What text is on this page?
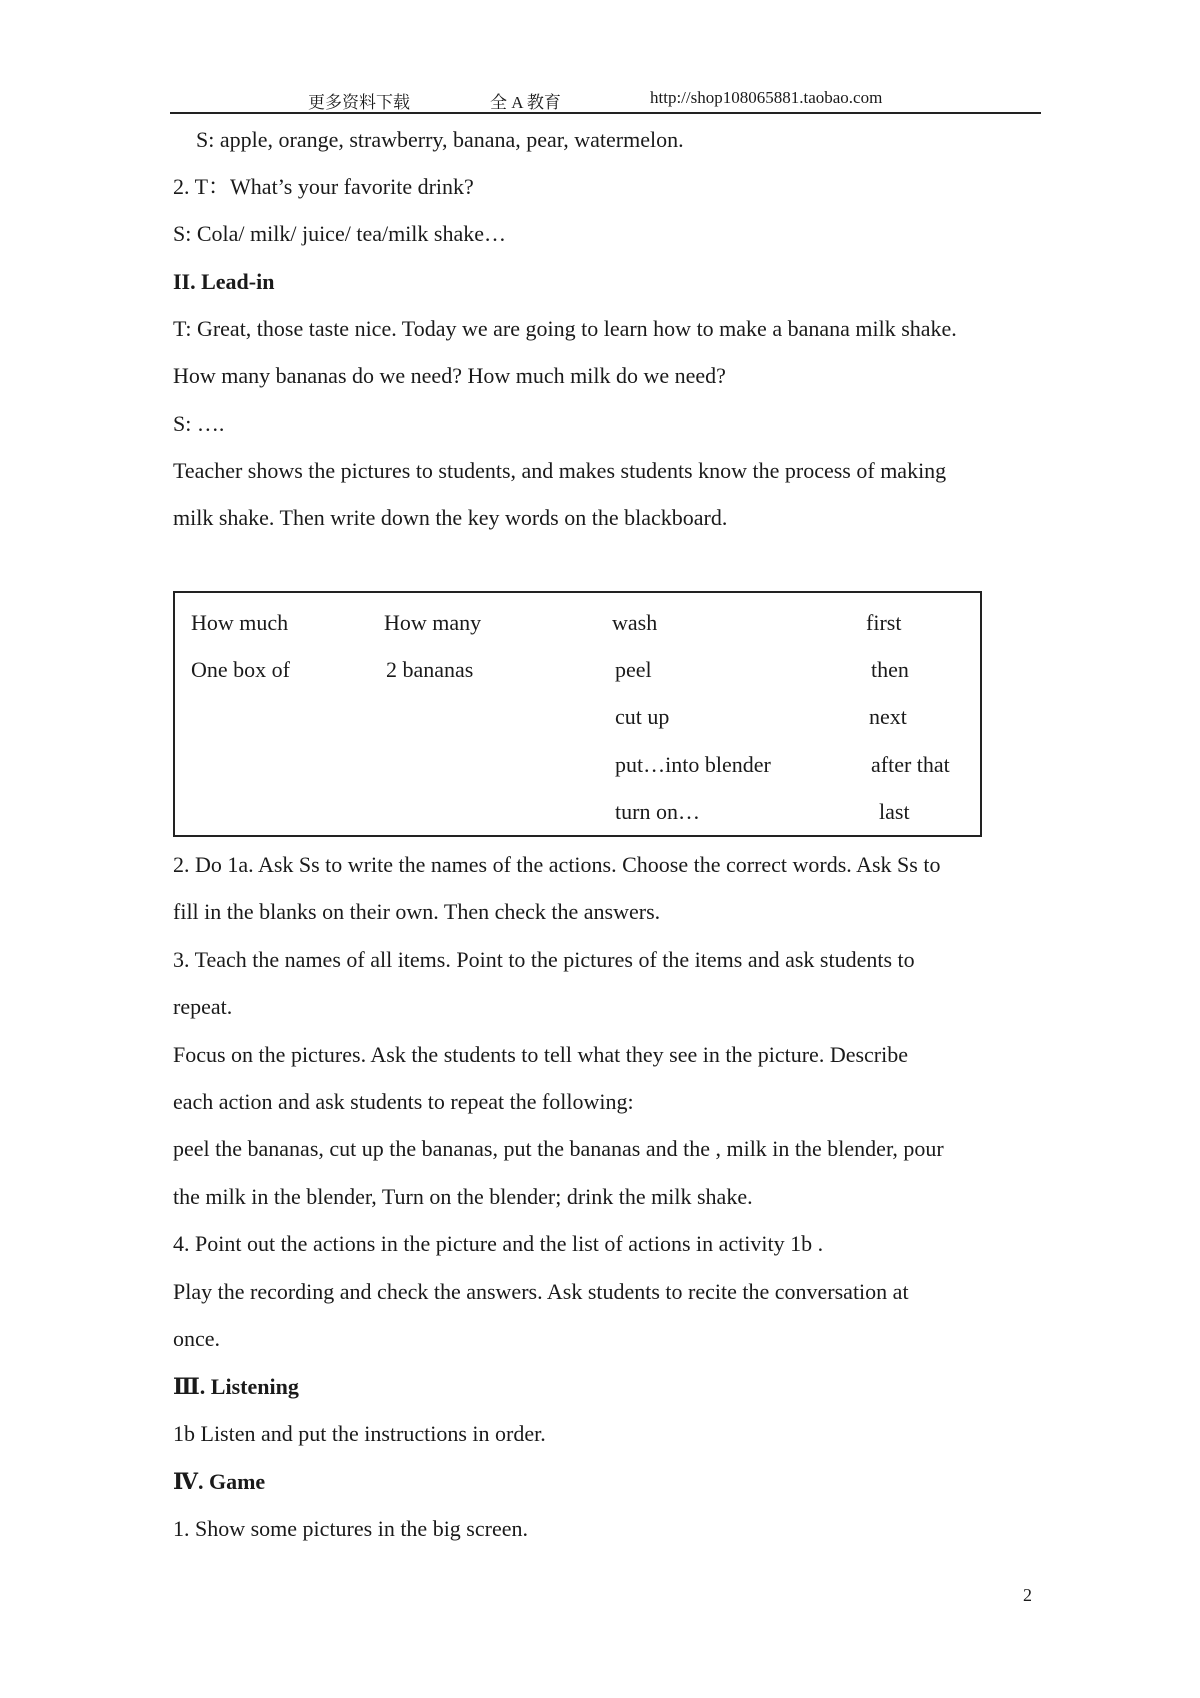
更多资料下载	全 A 教育	http://shop108065881.taobao.com
S: apple, orange, strawberry, banana, pear, watermelon.
2. T：What’s your favorite drink?
S: Cola/ milk/ juice/ tea/milk shake…
II. Lead-in
T: Great, those taste nice. Today we are going to learn how to make a banana milk shake.
How many bananas do we need? How much milk do we need?
S: ….
Teacher shows the pictures to students, and makes students know the process of making
milk shake. Then write down the key words on the blackboard.
How much
One box of
How many
2 bananas
wash
peel
cut up
put…into blender
turn on…
first
then
next
after that
last
2. Do 1a. Ask Ss to write the names of the actions. Choose the correct words. Ask Ss to
fill in the blanks on their own. Then check the answers.
3. Teach the names of all items. Point to the pictures of the items and ask students to
repeat.
Focus on the pictures. Ask the students to tell what they see in the picture. Describe
each action and ask students to repeat the following:
peel the bananas, cut up the bananas, put the bananas and the , milk in the blender, pour
the milk in the blender, Turn on the blender; drink the milk shake.
4. Point out the actions in the picture and the list of actions in activity 1b .
Play the recording and check the answers. Ask students to recite the conversation at
once.
Ⅲ. Listening
1b Listen and put the instructions in order.
Ⅳ. Game
1. Show some pictures in the big screen.
2
